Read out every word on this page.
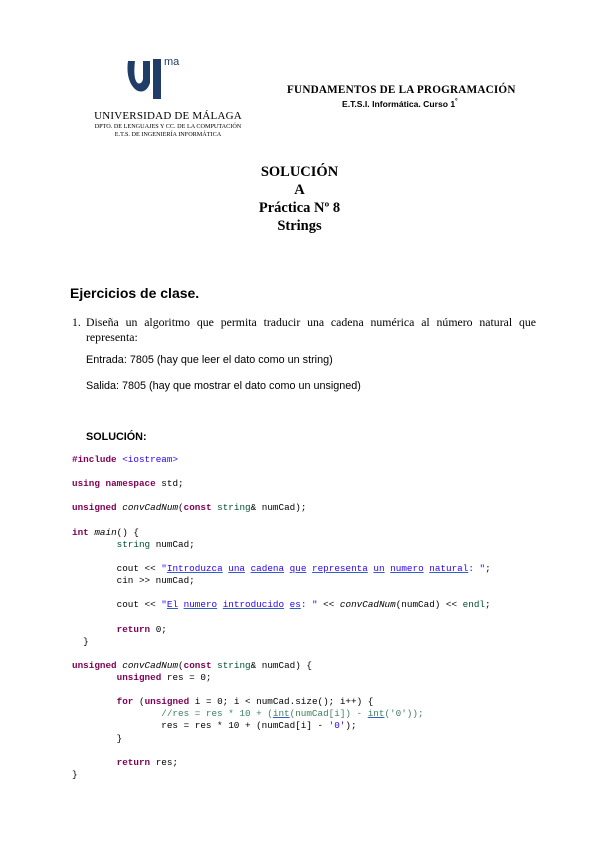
ma
UNIVERSIDAD DE MÁLAGA
DPTO. DE LENGUAJES Y CC. DE LA COMPUTACIÓN
E.T.S. DE INGENIERÍA INFORMÁTICA
FUNDAMENTOS DE LA PROGRAMACIÓN
E.T.S.I. Informática. Curso $1^º$
SOLUCIÓN
A
Práctica Nº 8
Strings
Ejercicios de clase.
1. Diseña un algoritmo que permita traducir una cadena numérica al número natural que representa:
Entrada: 7805 (hay que leer el dato como un string)
Salida: 7805 (hay que mostrar el dato como un unsigned)
SOLUCIÓN:
#include <iostream>
using namespace std;
unsigned convCadNum(const string& numCad);
int main() {
string numCad;
cout << "Introduzca una cadena que representa un numero natural: ";
cin >> numCad;
cout << "El numero introducido es: " << convCadNum(numCad) << endl;
return 0;
}
unsigned convCadNum(const string& numCad) {
unsigned res = 0;
for (unsigned i = 0; i < numCad.size(); i++) {
//res = res * 10 + (int(numCad[i]) - int('0'));
res = res * 10 + (numCad[i] - '0');
}
return res;
}
